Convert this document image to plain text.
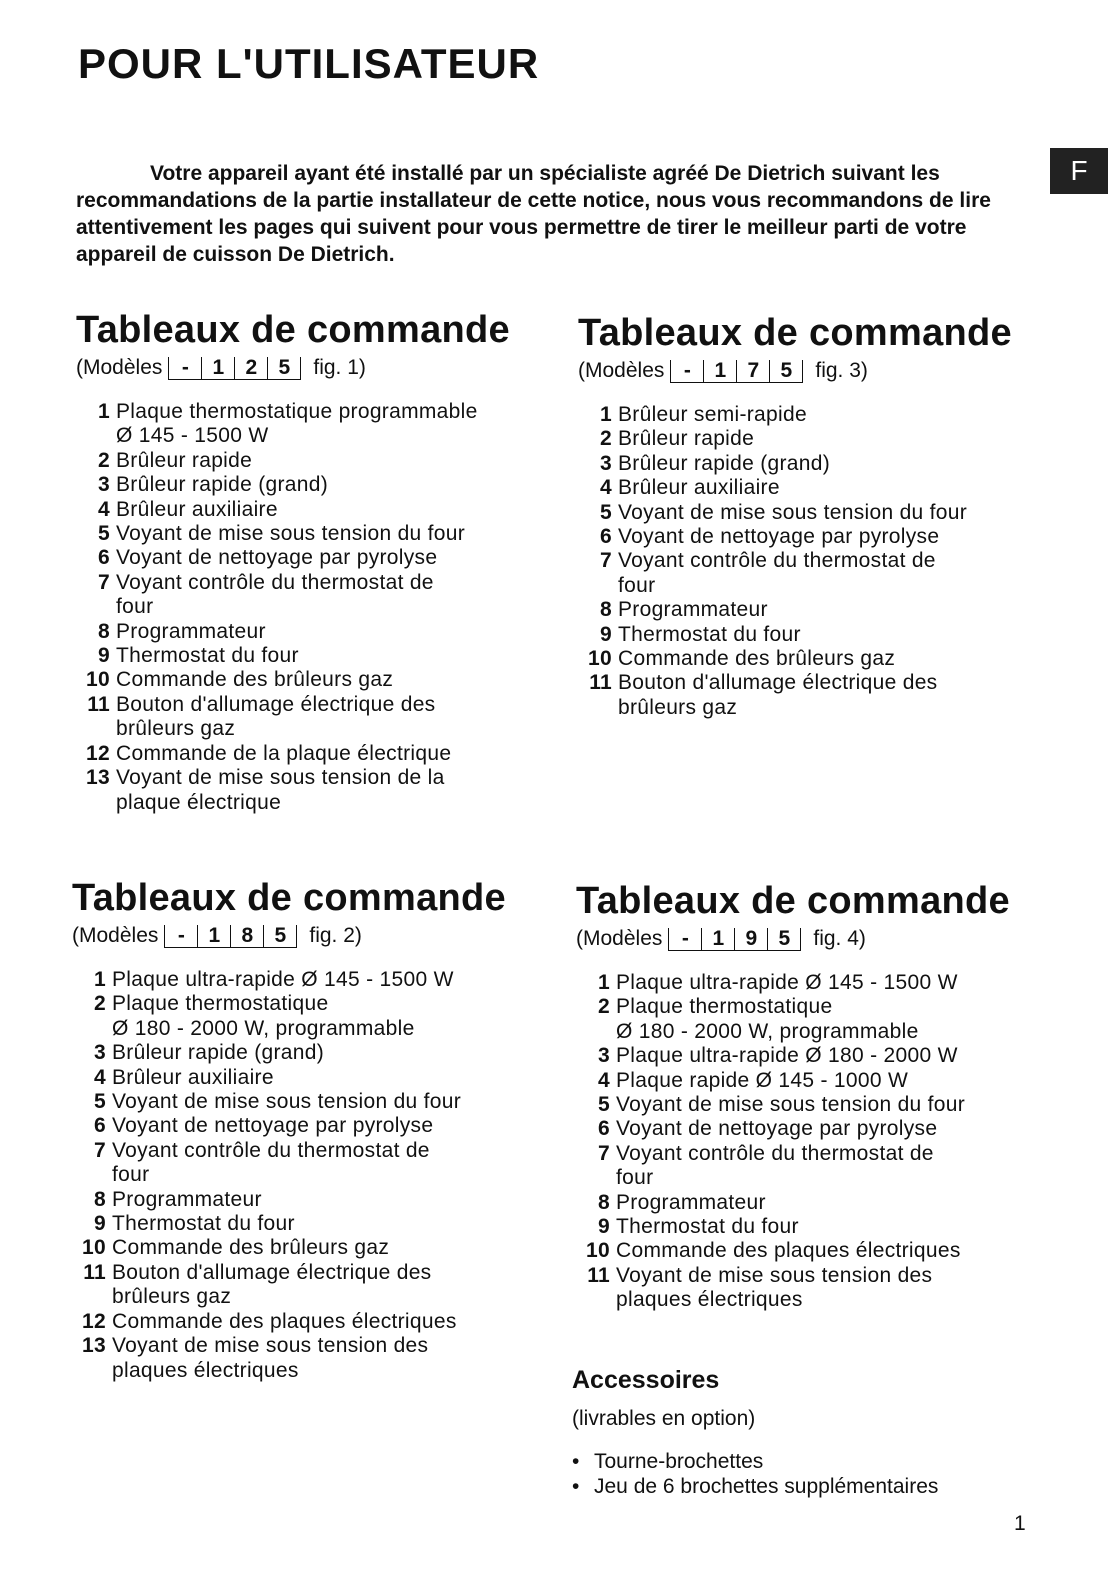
POUR L'UTILISATEUR
F

Votre appareil ayant été installé par un spécialiste agréé De Dietrich suivant les recommandations de la partie installateur de cette notice, nous vous recommandons de lire attentivement les pages qui suivent pour vous permettre de tirer le meilleur parti de votre appareil de cuisson De Dietrich.

Tableaux de commande
(Modèles -	1	2	5	fig. 1)
1 Plaque thermostatique programmable
Ø 145 - 1500 W
2 Brûleur rapide
3 Brûleur rapide (grand)
4 Brûleur auxiliaire
5 Voyant de mise sous tension du four
6 Voyant de nettoyage par pyrolyse
7 Voyant contrôle du thermostat de
four
8 Programmateur
9 Thermostat du four
10 Commande des brûleurs gaz
11 Bouton d'allumage électrique des
brûleurs gaz
12 Commande de la plaque électrique
13 Voyant de mise sous tension de la
plaque électrique
Tableaux de commande
(Modèles -	1	7	5	fig. 3)
1 Brûleur semi-rapide
2 Brûleur rapide
3 Brûleur rapide (grand)
4 Brûleur auxiliaire
5 Voyant de mise sous tension du four
6 Voyant de nettoyage par pyrolyse
7 Voyant contrôle du thermostat de
four
8 Programmateur
9 Thermostat du four
10 Commande des brûleurs gaz
11 Bouton d'allumage électrique des
brûleurs gaz
Tableaux de commande
(Modèles -	1	8	5	fig. 2)
1 Plaque ultra-rapide Ø 145 - 1500 W
2 Plaque thermostatique
Ø 180 - 2000 W, programmable
3 Brûleur rapide (grand)
4 Brûleur auxiliaire
5 Voyant de mise sous tension du four
6 Voyant de nettoyage par pyrolyse
7 Voyant contrôle du thermostat de
four
8 Programmateur
9 Thermostat du four
10 Commande des brûleurs gaz
11 Bouton d'allumage électrique des
brûleurs gaz
12 Commande des plaques électriques
13 Voyant de mise sous tension des
plaques électriques
Tableaux de commande
(Modèles -	1	9	5	fig. 4)
1 Plaque ultra-rapide Ø 145 - 1500 W
2 Plaque thermostatique
Ø 180 - 2000 W, programmable
3 Plaque ultra-rapide Ø 180 - 2000 W
4 Plaque rapide Ø 145 - 1000 W
5 Voyant de mise sous tension du four
6 Voyant de nettoyage par pyrolyse
7 Voyant contrôle du thermostat de
four
8 Programmateur
9 Thermostat du four
10 Commande des plaques électriques
11 Voyant de mise sous tension des
plaques électriques
Accessoires
(livrables en option)
• Tourne-brochettes
• Jeu de 6 brochettes supplémentaires
1
